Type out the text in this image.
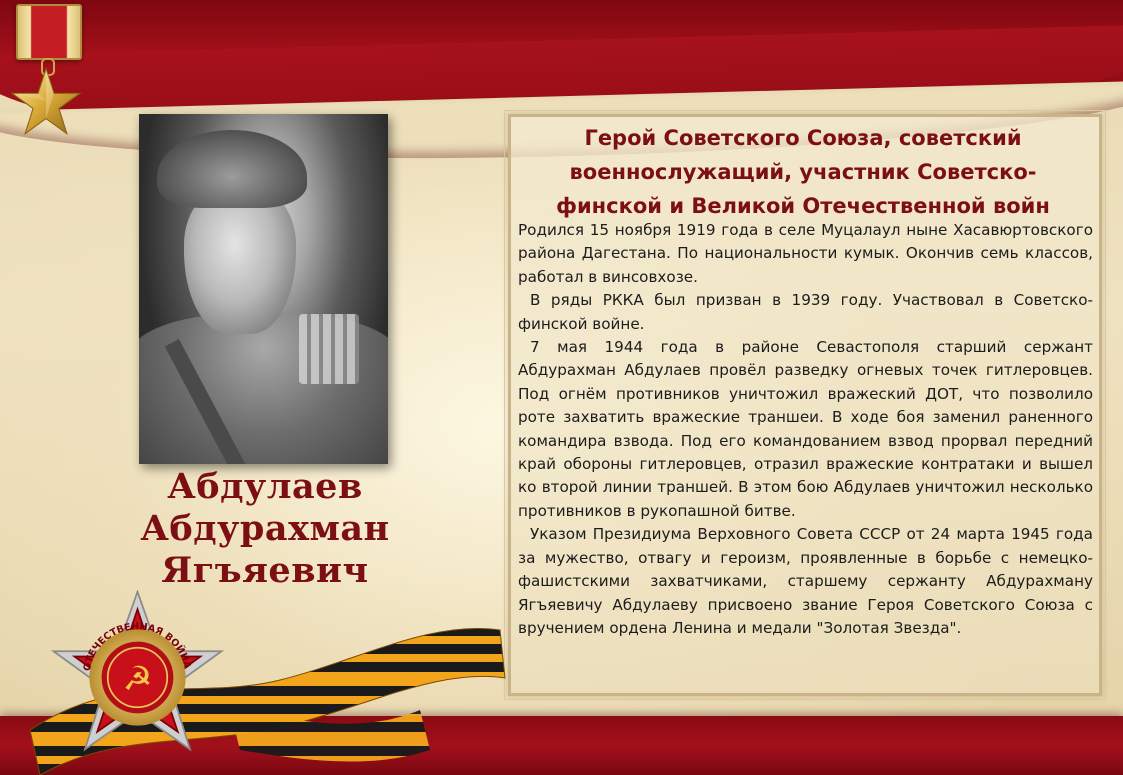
Абдулаев
Абдурахман
Ягъяевич
Герой Советского Союза, советский
военнослужащий, участник Советско-
финской и Великой Отечественной войн

Родился 15 ноября 1919 года в селе Муцалаул ныне Хасавюртовского района Дагестана. По национальности кумык. Окончив семь классов, работал в винсовхозе.

В ряды РККА был призван в 1939 году. Участвовал в Советско-финской войне.

7 мая 1944 года в районе Севастополя старший сержант Абдурахман Абдулаев провёл разведку огневых точек гитлеровцев. Под огнём противников уничтожил вражеский ДОТ, что позволило роте захватить вражеские траншеи. В ходе боя заменил раненного командира взвода. Под его командованием взвод прорвал передний край обороны гитлеровцев, отразил вражеские контратаки и вышел ко второй линии траншей. В этом бою Абдулаев уничтожил несколько противников в рукопашной битве.

Указом Президиума Верховного Совета СССР от 24 марта 1945 года за мужество, отвагу и героизм, проявленные в борьбе с немецко-фашистскими захватчиками, старшему сержанту Абдурахману Ягъяевичу Абдулаеву присвоено звание Героя Советского Союза с вручением ордена Ленина и медали "Золотая Звезда".

ОТЕЧЕСТВЕННАЯ ВОЙНА
☭
